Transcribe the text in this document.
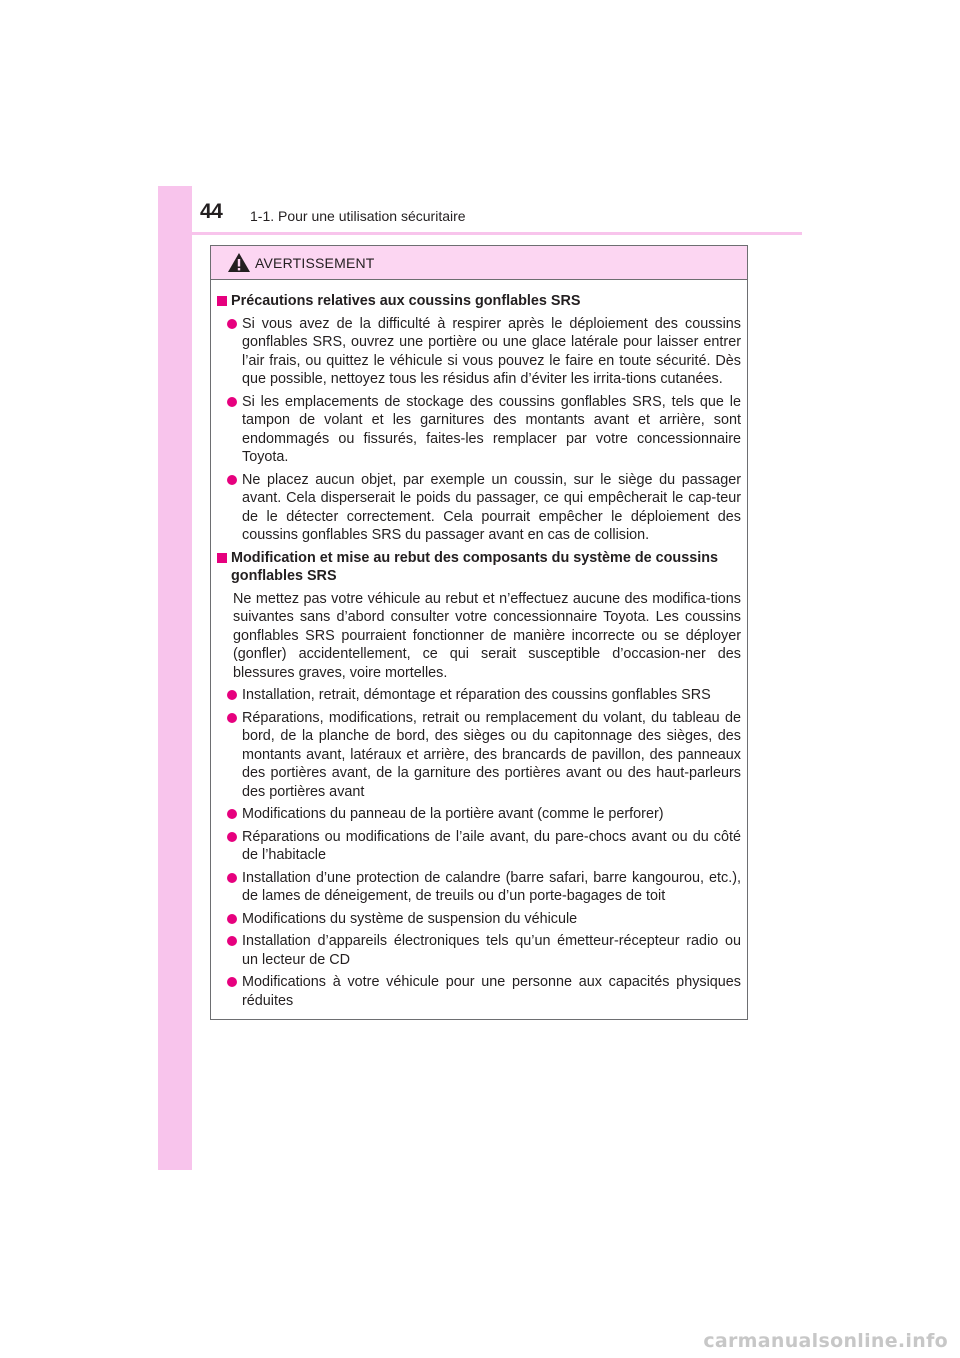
44 1-1. Pour une utilisation sécuritaire
AVERTISSEMENT
Précautions relatives aux coussins gonflables SRS
Si vous avez de la difficulté à respirer après le déploiement des coussins gonflables SRS, ouvrez une portière ou une glace latérale pour laisser entrer l’air frais, ou quittez le véhicule si vous pouvez le faire en toute sécurité. Dès que possible, nettoyez tous les résidus afin d’éviter les irrita-tions cutanées.
Si les emplacements de stockage des coussins gonflables SRS, tels que le tampon de volant et les garnitures des montants avant et arrière, sont endommagés ou fissurés, faites-les remplacer par votre concessionnaire Toyota.
Ne placez aucun objet, par exemple un coussin, sur le siège du passager avant. Cela disperserait le poids du passager, ce qui empêcherait le cap-teur de le détecter correctement. Cela pourrait empêcher le déploiement des coussins gonflables SRS du passager avant en cas de collision.
Modification et mise au rebut des composants du système de coussins gonflables SRS
Ne mettez pas votre véhicule au rebut et n’effectuez aucune des modifica-tions suivantes sans d’abord consulter votre concessionnaire Toyota. Les coussins gonflables SRS pourraient fonctionner de manière incorrecte ou se déployer (gonfler) accidentellement, ce qui serait susceptible d’occasion-ner des blessures graves, voire mortelles.
Installation, retrait, démontage et réparation des coussins gonflables SRS
Réparations, modifications, retrait ou remplacement du volant, du tableau de bord, de la planche de bord, des sièges ou du capitonnage des sièges, des montants avant, latéraux et arrière, des brancards de pavillon, des panneaux des portières avant, de la garniture des portières avant ou des haut-parleurs des portières avant
Modifications du panneau de la portière avant (comme le perforer)
Réparations ou modifications de l’aile avant, du pare-chocs avant ou du côté de l’habitacle
Installation d’une protection de calandre (barre safari, barre kangourou, etc.), de lames de déneigement, de treuils ou d’un porte-bagages de toit
Modifications du système de suspension du véhicule
Installation d’appareils électroniques tels qu’un émetteur-récepteur radio ou un lecteur de CD
Modifications à votre véhicule pour une personne aux capacités physiques réduites
carmanualsonline.info
